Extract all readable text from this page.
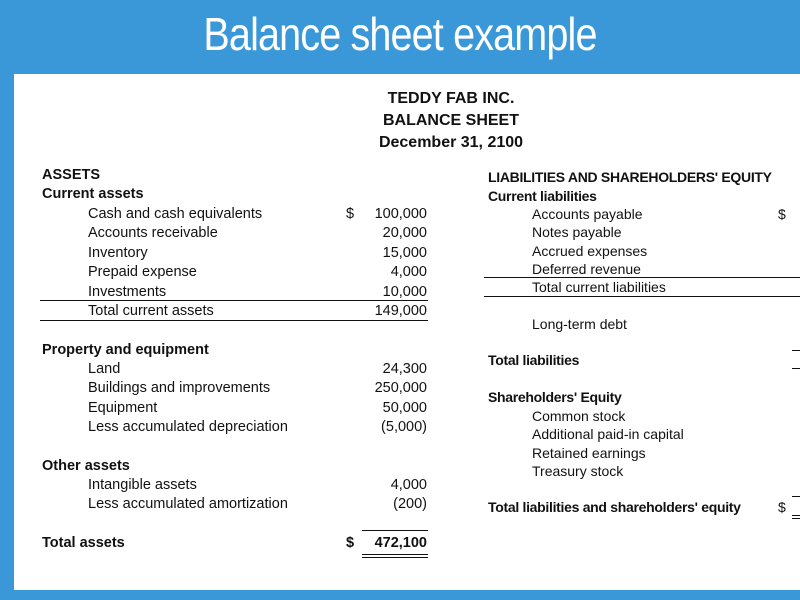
Balance sheet example
TEDDY FAB INC.
BALANCE SHEET
December 31, 2100
ASSETS
Current assets
Cash and cash equivalents	$	100,000
Accounts receivable	20,000
Inventory	15,000
Prepaid expense	4,000
Investments	10,000
Total current assets	149,000
Property and equipment
Land	24,300
Buildings and improvements	250,000
Equipment	50,000
Less accumulated depreciation	(5,000)
Other assets
Intangible assets	4,000
Less accumulated amortization	(200)
Total assets	$	472,100
LIABILITIES AND SHAREHOLDERS' EQUITY
Current liabilities
Accounts payable	$
Notes payable
Accrued expenses
Deferred revenue
Total current liabilities
Long-term debt
Total liabilities
Shareholders' Equity
Common stock
Additional paid-in capital
Retained earnings
Treasury stock
Total liabilities and shareholders' equity	$
